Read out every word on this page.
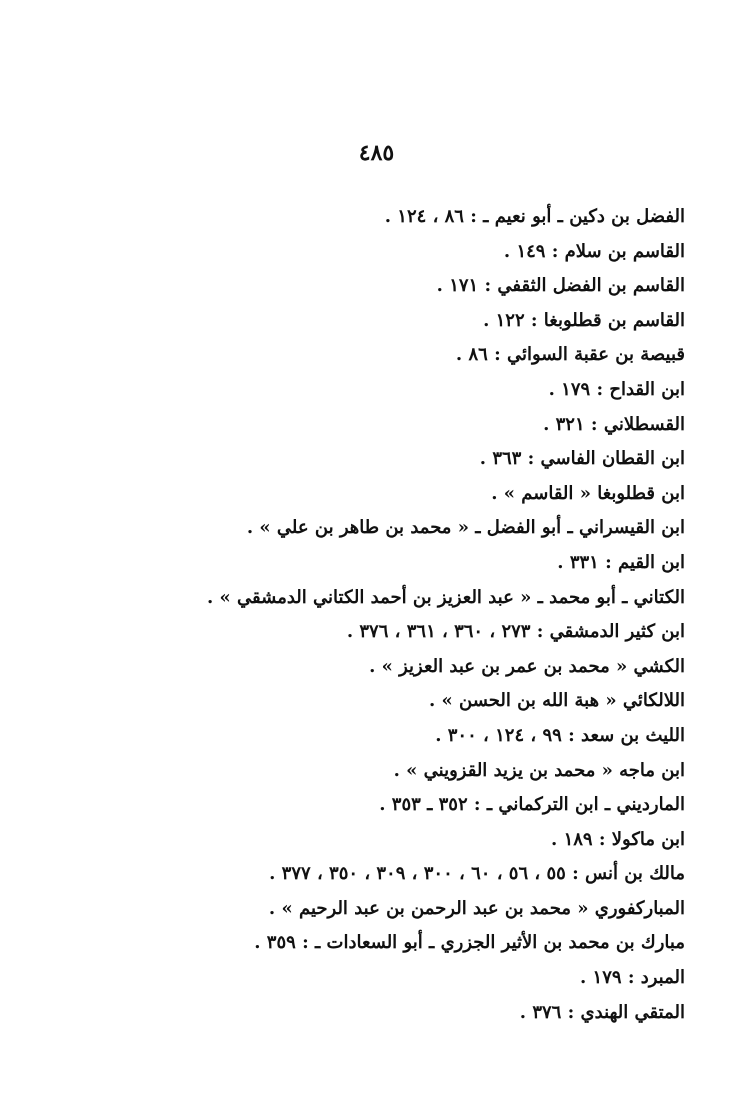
٤٨٥
الفضل بن دكين ـ أبو نعيم ـ : ٨٦ ، ١٢٤ .
القاسم بن سلام : ١٤٩ .
القاسم بن الفضل الثقفي : ١٧١ .
القاسم بن قطلوبغا : ١٢٢ .
قبيصة بن عقبة السوائي : ٨٦ .
ابن القداح : ١٧٩ .
القسطلاني : ٣٢١ .
ابن القطان الفاسي : ٣٦٣ .
ابن قطلوبغا « القاسم » .
ابن القيسراني ـ أبو الفضل ـ « محمد بن طاهر بن علي » .
ابن القيم : ٣٣١ .
الكتاني ـ أبو محمد ـ « عبد العزيز بن أحمد الكتاني الدمشقي » .
ابن كثير الدمشقي : ٢٧٣ ، ٣٦٠ ، ٣٦١ ، ٣٧٦ .
الكشي « محمد بن عمر بن عبد العزيز » .
اللالكائي « هبة الله بن الحسن » .
الليث بن سعد : ٩٩ ، ١٢٤ ، ٣٠٠ .
ابن ماجه « محمد بن يزيد القزويني » .
المارديني ـ ابن التركماني ـ : ٣٥٢ ـ ٣٥٣ .
ابن ماكولا : ١٨٩ .
مالك بن أنس : ٥٥ ، ٥٦ ، ٦٠ ، ٣٠٠ ، ٣٠٩ ، ٣٥٠ ، ٣٧٧ .
المباركفوري « محمد بن عبد الرحمن بن عبد الرحيم » .
مبارك بن محمد بن الأثير الجزري ـ أبو السعادات ـ : ٣٥٩ .
المبرد : ١٧٩ .
المتقي الهندي : ٣٧٦ .
